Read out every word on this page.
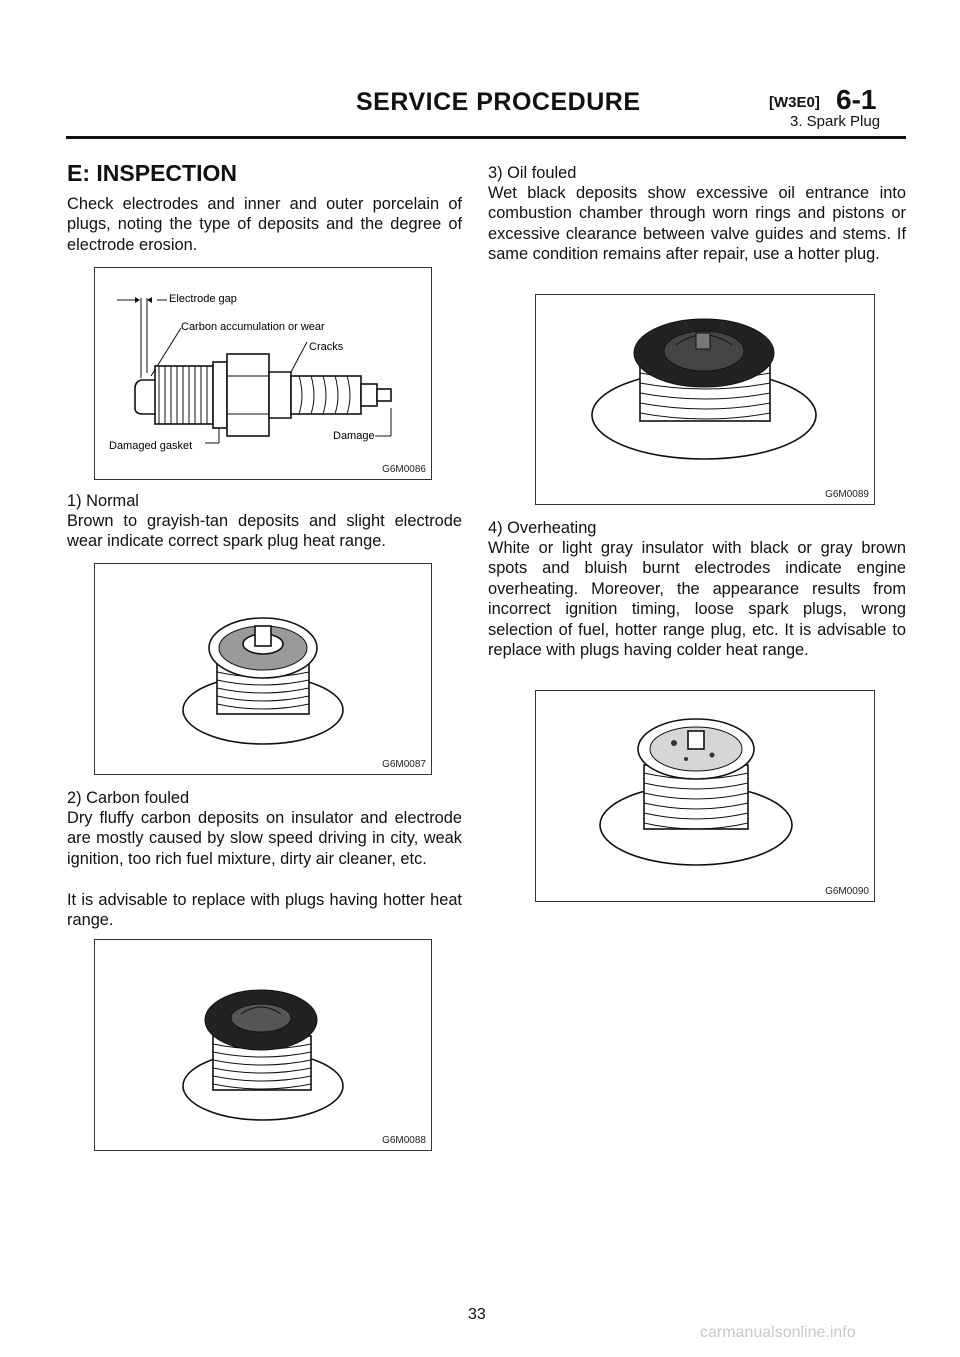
SERVICE PROCEDURE	[W3E0] 6-1
3. Spark Plug
E: INSPECTION
Check electrodes and inner and outer porcelain of plugs, noting the type of deposits and the degree of electrode erosion.
Electrode gap
Carbon accumulation or wear
Cracks
Damage
Damaged gasket
G6M0086
1) Normal
Brown to grayish-tan deposits and slight electrode wear indicate correct spark plug heat range.
G6M0087
2) Carbon fouled
Dry fluffy carbon deposits on insulator and electrode are mostly caused by slow speed driving in city, weak ignition, too rich fuel mixture, dirty air cleaner, etc.
It is advisable to replace with plugs having hotter heat range.
G6M0088
3) Oil fouled
Wet black deposits show excessive oil entrance into combustion chamber through worn rings and pistons or excessive clearance between valve guides and stems. If same condition remains after repair, use a hotter plug.
G6M0089
4) Overheating
White or light gray insulator with black or gray brown spots and bluish burnt electrodes indicate engine overheating. Moreover, the appearance results from incorrect ignition timing, loose spark plugs, wrong selection of fuel, hotter range plug, etc. It is advisable to replace with plugs having colder heat range.
G6M0090
33
carmanualsonline.info
